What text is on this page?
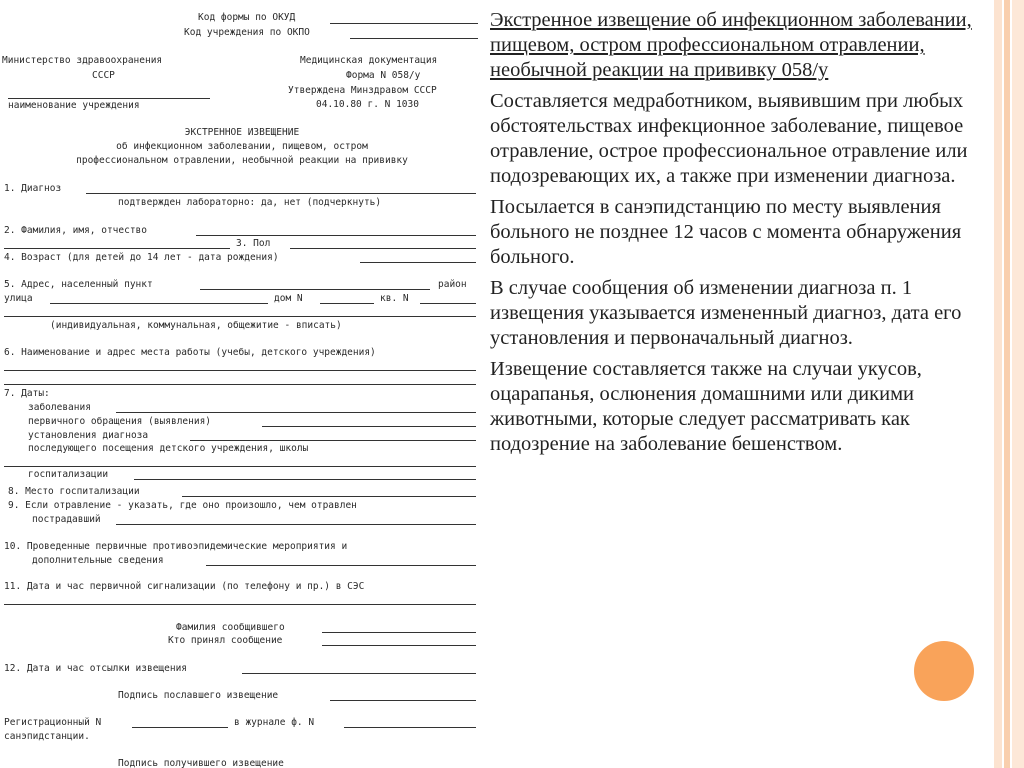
Код формы по ОКУД
Код учреждения по ОКПО
Министерство здравоохранения
СССР
наименование учреждения
Медицинская документация
Форма N 058/у
Утверждена Минздравом СССР
04.10.80 г. N 1030
ЭКСТРЕННОЕ ИЗВЕЩЕНИЕ
об инфекционном заболевании, пищевом, остром
профессиональном отравлении, необычной реакции на прививку
1. Диагноз
подтвержден лабораторно: да, нет (подчеркнуть)
2. Фамилия, имя, отчество
3. Пол
4. Возраст (для детей до 14 лет - дата рождения)
5. Адрес, населенный пункт	район
улица	дом N	кв. N
(индивидуальная, коммунальная, общежитие - вписать)
6. Наименование и адрес места работы (учебы, детского учреждения)
7. Даты:
заболевания
первичного обращения (выявления)
установления диагноза
последующего посещения детского учреждения, школы
госпитализации
8. Место госпитализации
9. Если отравление - указать, где оно произошло, чем отравлен
пострадавший
10. Проведенные первичные противоэпидемические мероприятия и
дополнительные сведения
11. Дата и час первичной сигнализации (по телефону и пр.) в СЭС
Фамилия сообщившего
Кто принял сообщение
12. Дата и час отсылки извещения
Подпись пославшего извещение
Регистрационный N	в журнале ф. N
санэпидстанции.
Подпись получившего извещение
Экстренное извещение об инфекционном заболевании, пищевом, остром профессиональном отравлении, необычной реакции на прививку 058/у

Составляется медработником, выявившим при любых обстоятельствах инфекционное заболевание, пищевое отравление, острое профессиональное отравление или подозревающих их, а также при изменении диагноза.

Посылается в санэпидстанцию по месту выявления больного не позднее 12 часов с момента обнаружения больного.

В случае сообщения об изменении диагноза п. 1 извещения указывается измененный диагноз, дата его установления и первоначальный диагноз.

Извещение составляется также на случаи укусов, оцарапанья, ослюнения домашними или дикими животными, которые следует рассматривать как подозрение на заболевание бешенством.
